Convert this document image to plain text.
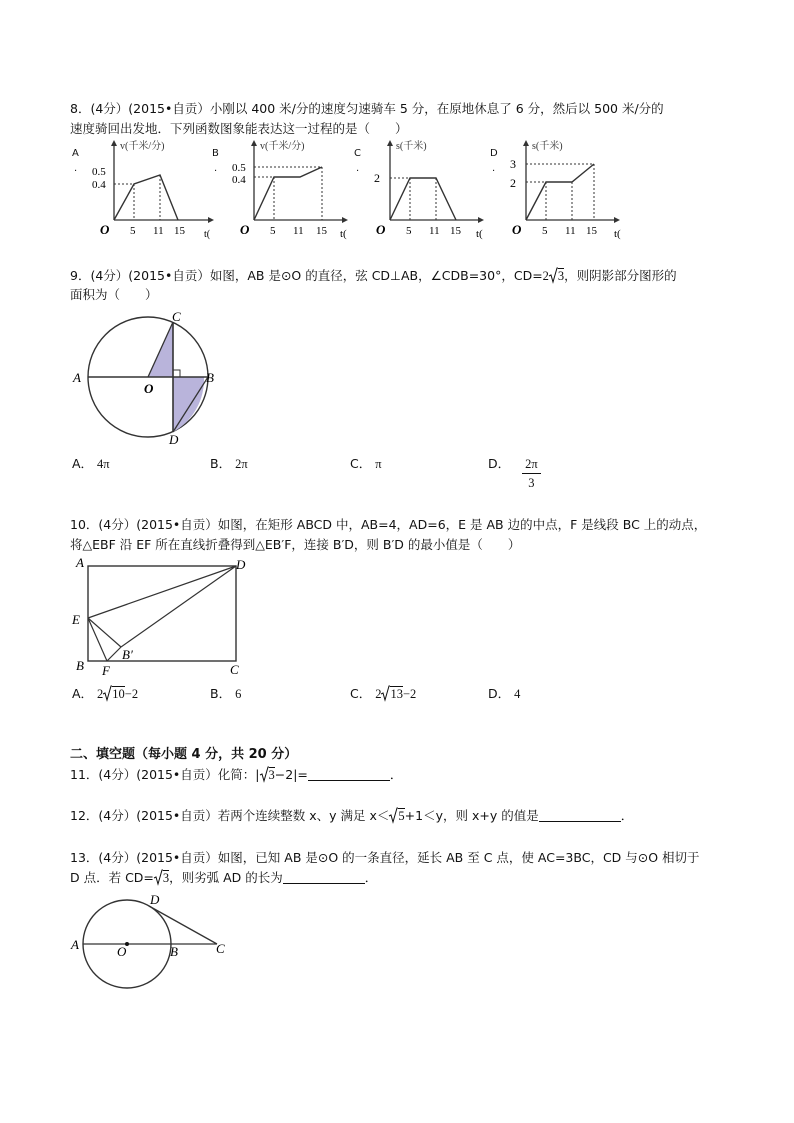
8．(4分）(2015•自贡）小刚以 400 米/分的速度匀速骑车 5 分，在原地休息了 6 分，然后以 500 米/分的
速度骑回出发地．下列函数图象能表达这一过程的是（　　）
A
.
v(千米/分)
0.5
0.4
O 5 11 15 t(
B
.
v(千米/分)
0.5
0.4
O 5 11 15 t(
C
.
s(千米)
2
O 5 11 15 t(
D
.
s(千米)
3
2
O 5 11 15 t(
9．(4分）(2015•自贡）如图，AB 是⊙O 的直径，弦 CD⊥AB，∠CDB=30°，CD=2 3，则阴影部分图形的
面积为（　　）
A
O
B
C
D
A． 4π	B． 2π	C． π	D． $\frac{2\pi}{3}$
10．(4分）(2015•自贡）如图，在矩形 ABCD 中，AB=4，AD=6，E 是 AB 边的中点，F 是线段 BC 上的动点，
将△EBF 沿 EF 所在直线折叠得到△EB′F，连接 B′D，则 B′D 的最小值是（　　）
A	D
E
B F
B′
C
A． 2 10−2	B． 6	C． 2 13−2	D． 4
二、填空题（每小题 4 分，共 20 分）
11．(4分）(2015•自贡）化简：| 3−2|=	．
12．(4分）(2015•自贡）若两个连续整数 x、y 满足 x＜ 5+1＜y，则 x+y 的值是	．
13．(4分）(2015•自贡）如图，已知 AB 是⊙O 的一条直径，延长 AB 至 C 点，使 AC=3BC，CD 与⊙O 相切于
D 点．若 CD= 3，则劣弧 AD 的长为	．
A	O	B	C
D
